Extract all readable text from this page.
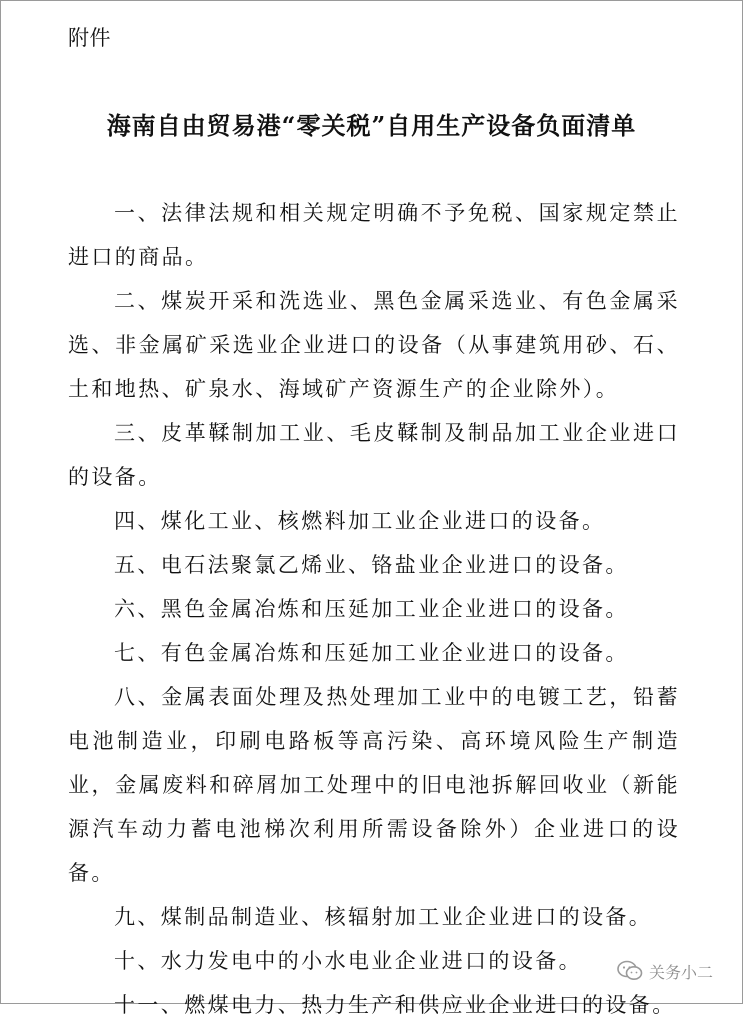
附件
海南自由贸易港“零关税”自用生产设备负面清单

一、法律法规和相关规定明确不予免税、国家规定禁止进口的商品。

二、煤炭开采和洗选业、黑色金属采选业、有色金属采选、非金属矿采选业企业进口的设备（从事建筑用砂、石、土和地热、矿泉水、海域矿产资源生产的企业除外）。

三、皮革鞣制加工业、毛皮鞣制及制品加工业企业进口的设备。

四、煤化工业、核燃料加工业企业进口的设备。

五、电石法聚氯乙烯业、铬盐业企业进口的设备。

六、黑色金属冶炼和压延加工业企业进口的设备。

七、有色金属冶炼和压延加工业企业进口的设备。

八、金属表面处理及热处理加工业中的电镀工艺，铅蓄电池制造业，印刷电路板等高污染、高环境风险生产制造业，金属废料和碎屑加工处理中的旧电池拆解回收业（新能源汽车动力蓄电池梯次利用所需设备除外）企业进口的设备。

九、煤制品制造业、核辐射加工业企业进口的设备。

十、水力发电中的小水电业企业进口的设备。

十一、燃煤电力、热力生产和供应业企业进口的设备。

关务小二
